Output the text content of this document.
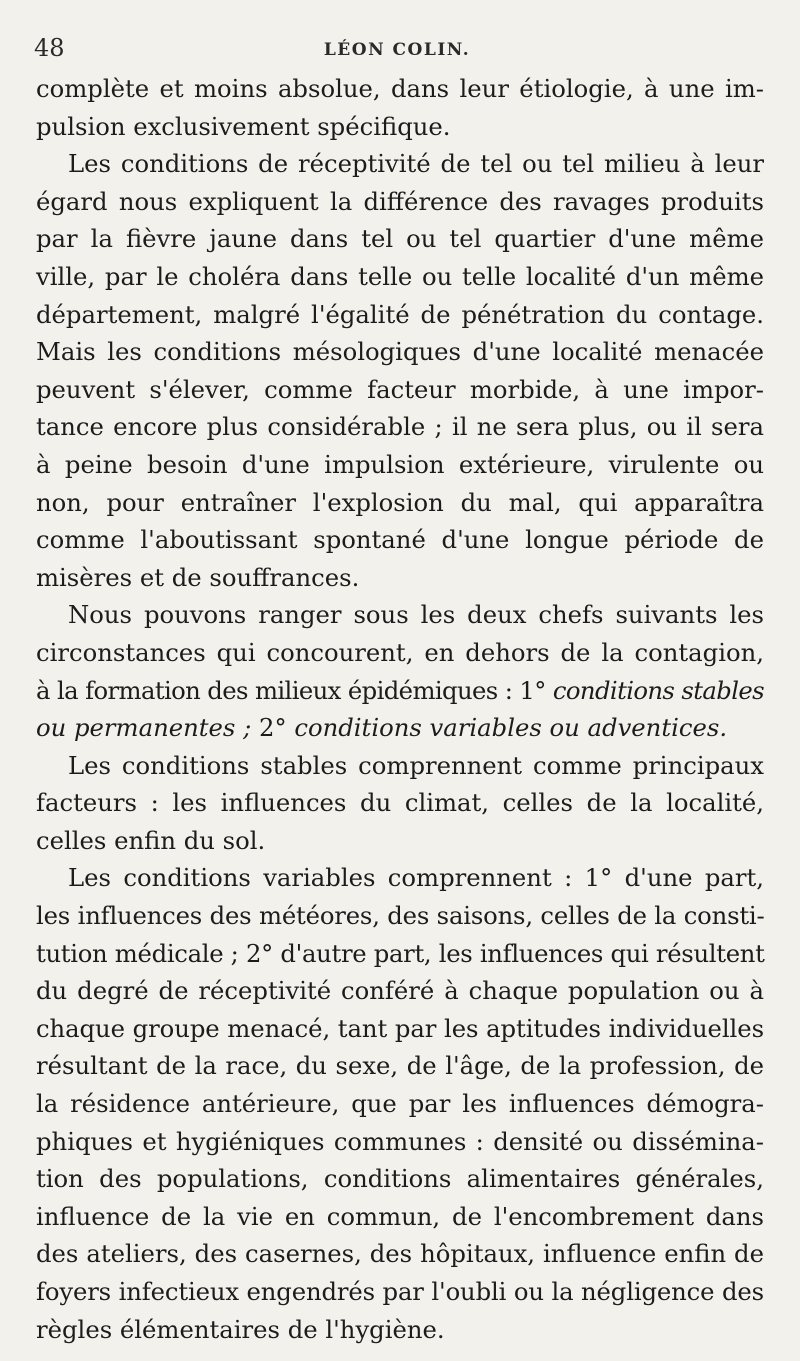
48	LÉON COLIN.
complète et moins absolue, dans leur étiologie, à une im-
pulsion exclusivement spécifique.
Les conditions de réceptivité de tel ou tel milieu à leur
égard nous expliquent la différence des ravages produits
par la fièvre jaune dans tel ou tel quartier d'une même
ville, par le choléra dans telle ou telle localité d'un même
département, malgré l'égalité de pénétration du contage.
Mais les conditions mésologiques d'une localité menacée
peuvent s'élever, comme facteur morbide, à une impor-
tance encore plus considérable ; il ne sera plus, ou il sera
à peine besoin d'une impulsion extérieure, virulente ou
non, pour entraîner l'explosion du mal, qui apparaîtra
comme l'aboutissant spontané d'une longue période de
misères et de souffrances.
Nous pouvons ranger sous les deux chefs suivants les
circonstances qui concourent, en dehors de la contagion,
à la formation des milieux épidémiques : 1° conditions stables
ou permanentes ; 2° conditions variables ou adventices.
Les conditions stables comprennent comme principaux
facteurs : les influences du climat, celles de la localité,
celles enfin du sol.
Les conditions variables comprennent : 1° d'une part,
les influences des météores, des saisons, celles de la consti-
tution médicale ; 2° d'autre part, les influences qui résultent
du degré de réceptivité conféré à chaque population ou à
chaque groupe menacé, tant par les aptitudes individuelles
résultant de la race, du sexe, de l'âge, de la profession, de
la résidence antérieure, que par les influences démogra-
phiques et hygiéniques communes : densité ou dissémina-
tion des populations, conditions alimentaires générales,
influence de la vie en commun, de l'encombrement dans
des ateliers, des casernes, des hôpitaux, influence enfin de
foyers infectieux engendrés par l'oubli ou la négligence des
règles élémentaires de l'hygiène.
